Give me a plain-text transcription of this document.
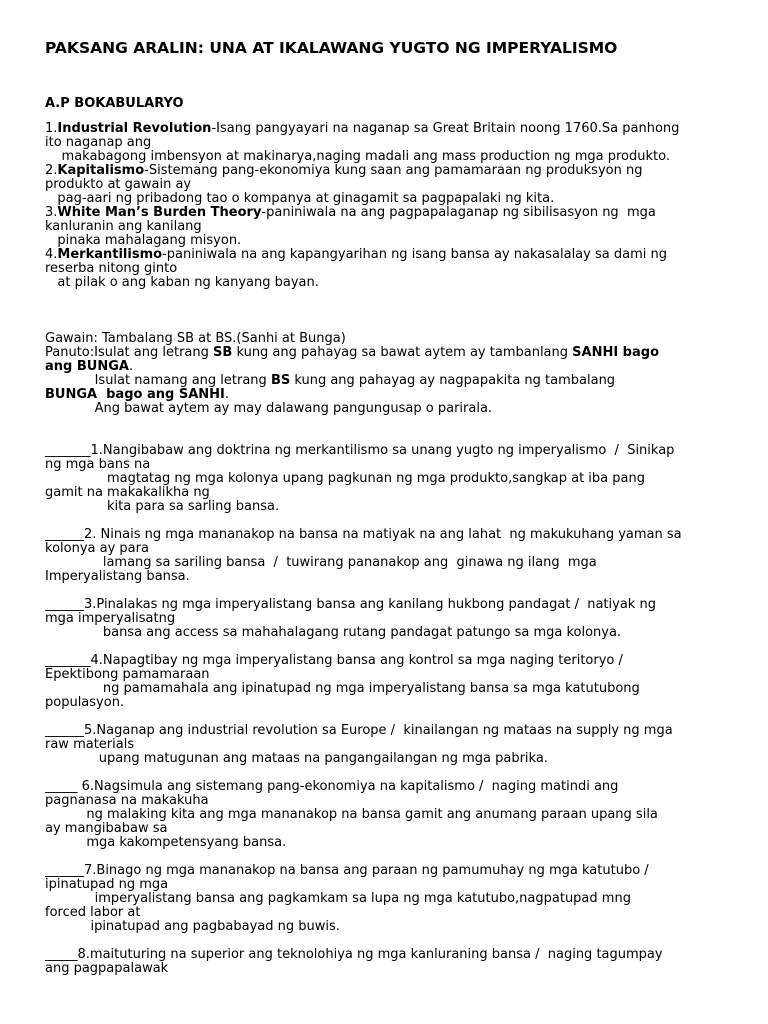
PAKSANG ARALIN: UNA AT IKALAWANG YUGTO NG IMPERYALISMO
A.P BOKABULARYO
1.Industrial Revolution-Isang pangyayari na naganap sa Great Britain noong 1760.Sa panhong
ito naganap ang
makabagong imbensyon at makinarya,naging madali ang mass production ng mga produkto.
2.Kapitalismo-Sistemang pang-ekonomiya kung saan ang pamamaraan ng produksyon ng
produkto at gawain ay
pag-aari ng pribadong tao o kompanya at ginagamit sa pagpapalaki ng kita.
3.White Man’s Burden Theory-paniniwala na ang pagpapalaganap ng sibilisasyon ng  mga
kanluranin ang kanilang
pinaka mahalagang misyon.
4.Merkantilismo-paniniwala na ang kapangyarihan ng isang bansa ay nakasalalay sa dami ng
reserba nitong ginto
at pilak o ang kaban ng kanyang bayan.
Gawain: Tambalang SB at BS.(Sanhi at Bunga)
Panuto:Isulat ang letrang SB kung ang pahayag sa bawat aytem ay tambanlang SANHI bago
ang BUNGA.
Isulat namang ang letrang BS kung ang pahayag ay nagpapakita ng tambalang
BUNGA  bago ang SANHI.
Ang bawat aytem ay may dalawang pangungusap o parirala.
_______1.Nangibabaw ang doktrina ng merkantilismo sa unang yugto ng imperyalismo  /  Sinikap
ng mga bans na
magtatag ng mga kolonya upang pagkunan ng mga produkto,sangkap at iba pang
gamit na makakalikha ng
kita para sa sarling bansa.
______2. Ninais ng mga mananakop na bansa na matiyak na ang lahat  ng makukuhang yaman sa
kolonya ay para
lamang sa sariling bansa  /  tuwirang pananakop ang  ginawa ng ilang  mga
Imperyalistang bansa.
______3.Pinalakas ng mga imperyalistang bansa ang kanilang hukbong pandagat /  natiyak ng
mga imperyalisatng
bansa ang access sa mahahalagang rutang pandagat patungo sa mga kolonya.
_______4.Napagtibay ng mga imperyalistang bansa ang kontrol sa mga naging teritoryo /
Epektibong pamamaraan
ng pamamahala ang ipinatupad ng mga imperyalistang bansa sa mga katutubong
populasyon.
______5.Naganap ang industrial revolution sa Europe /  kinailangan ng mataas na supply ng mga
raw materials
upang matugunan ang mataas na pangangailangan ng mga pabrika.
_____ 6.Nagsimula ang sistemang pang-ekonomiya na kapitalismo /  naging matindi ang
pagnanasa na makakuha
ng malaking kita ang mga mananakop na bansa gamit ang anumang paraan upang sila
ay mangibabaw sa
mga kakompetensyang bansa.
______7.Binago ng mga mananakop na bansa ang paraan ng pamumuhay ng mga katutubo /
ipinatupad ng mga
imperyalistang bansa ang pagkamkam sa lupa ng mga katutubo,nagpatupad mng
forced labor at
ipinatupad ang pagbabayad ng buwis.
_____8.maituturing na superior ang teknolohiya ng mga kanluraning bansa /  naging tagumpay
ang pagpapalawak
